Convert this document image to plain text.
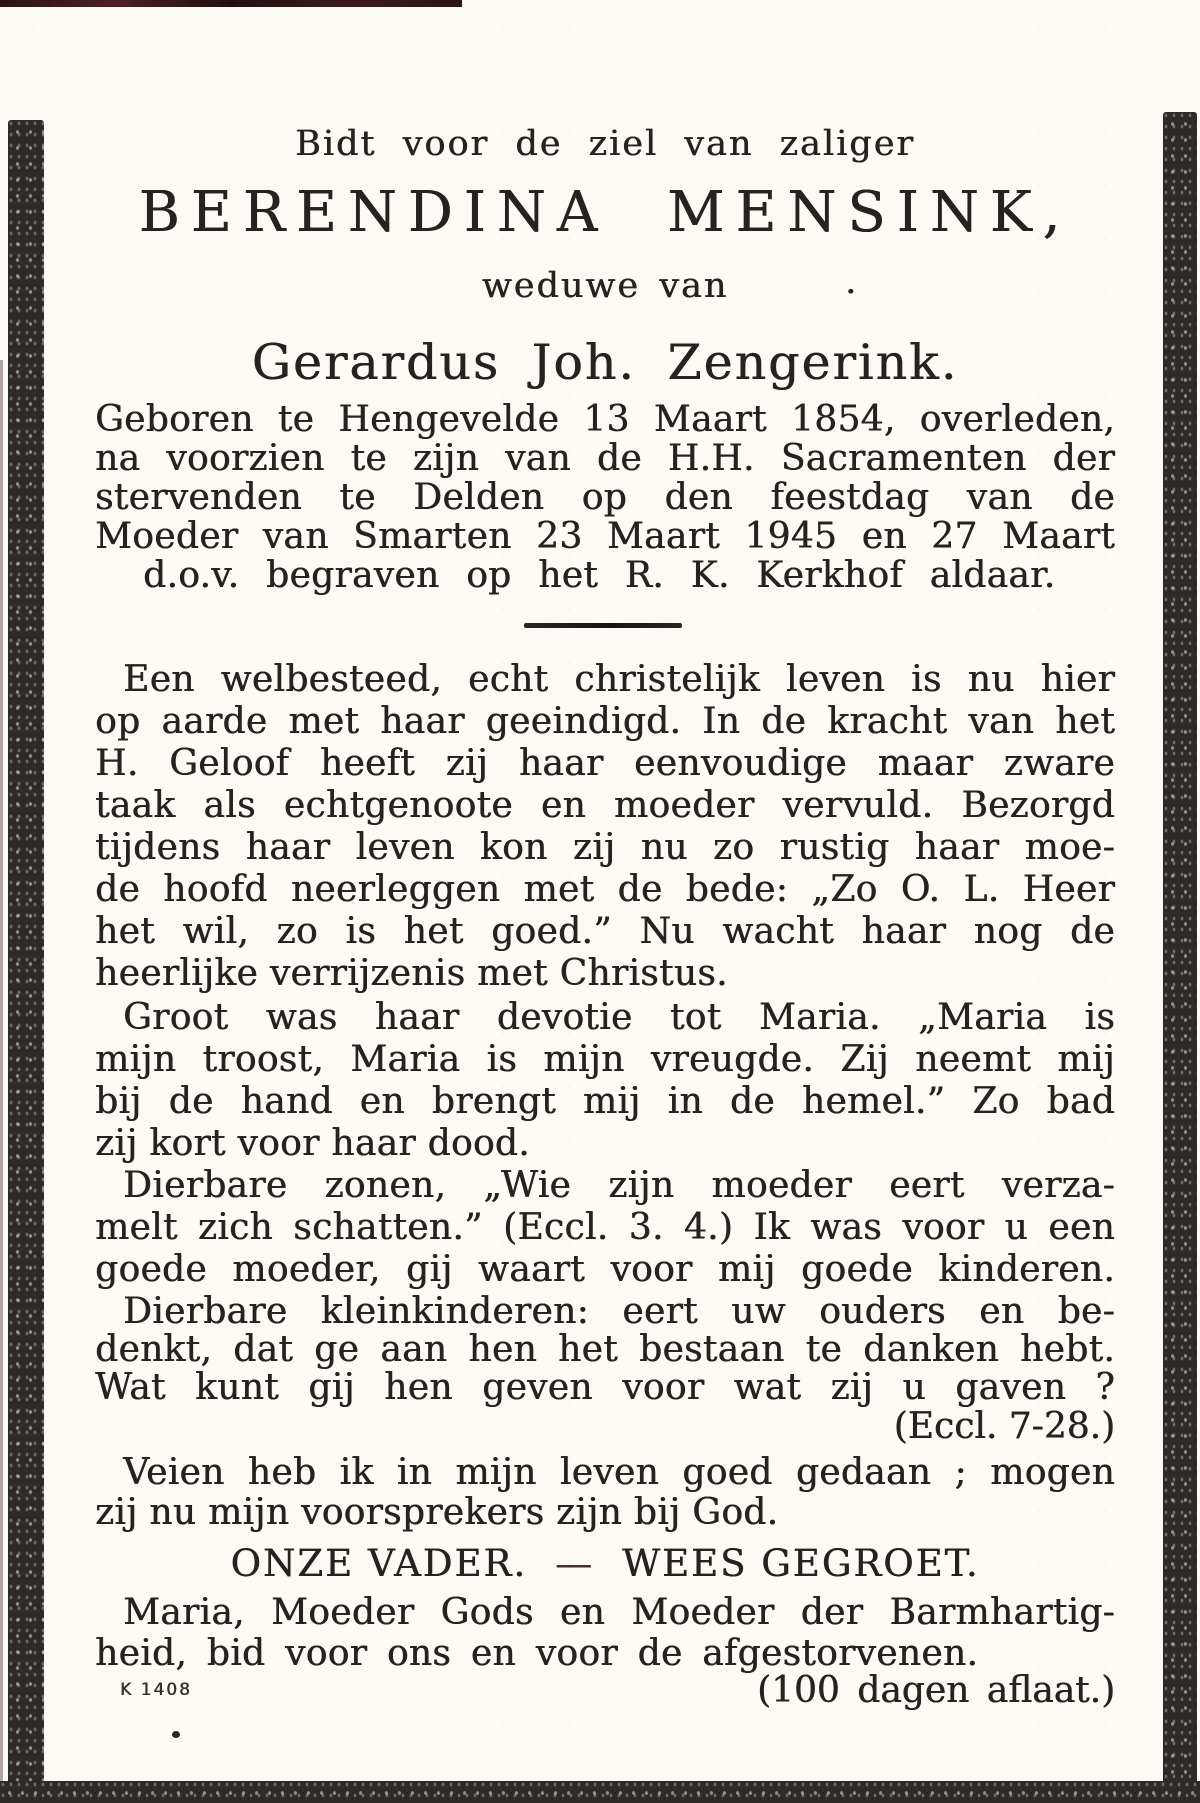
Bidt voor de ziel van zaliger
BERENDINA MENSINK,
weduwe van	.
Gerardus Joh. Zengerink.
Geboren te Hengevelde 13 Maart 1854, overleden,
na voorzien te zijn van de H.H. Sacramenten der
stervenden te Delden op den feestdag van de
Moeder van Smarten 23 Maart 1945 en 27 Maart
d.o.v. begraven op het R. K. Kerkhof aldaar.
Een welbesteed, echt christelijk leven is nu hier
op aarde met haar geeindigd. In de kracht van het
H. Geloof heeft zij haar eenvoudige maar zware
taak als echtgenoote en moeder vervuld. Bezorgd
tijdens haar leven kon zij nu zo rustig haar moe-
de hoofd neerleggen met de bede: „Zo O. L. Heer
het wil, zo is het goed.” Nu wacht haar nog de
heerlijke verrijzenis met Christus.
Groot was haar devotie tot Maria. „Maria is
mijn troost, Maria is mijn vreugde. Zij neemt mij
bij de hand en brengt mij in de hemel.” Zo bad
zij kort voor haar dood.
Dierbare zonen, „Wie zijn moeder eert verza-
melt zich schatten.” (Eccl. 3. 4.) Ik was voor u een
goede moeder, gij waart voor mij goede kinderen.
Dierbare kleinkinderen: eert uw ouders en be-
denkt, dat ge aan hen het bestaan te danken hebt.
Wat kunt gij hen geven voor wat zij u gaven ?
(Eccl. 7-28.)
Veien heb ik in mijn leven goed gedaan ; mogen
zij nu mijn voorsprekers zijn bij God.
ONZE VADER. — WEES GEGROET.
Maria, Moeder Gods en Moeder der Barmhartig-
heid, bid voor ons en voor de afgestorvenen.
K 1408	(100 dagen aflaat.)
